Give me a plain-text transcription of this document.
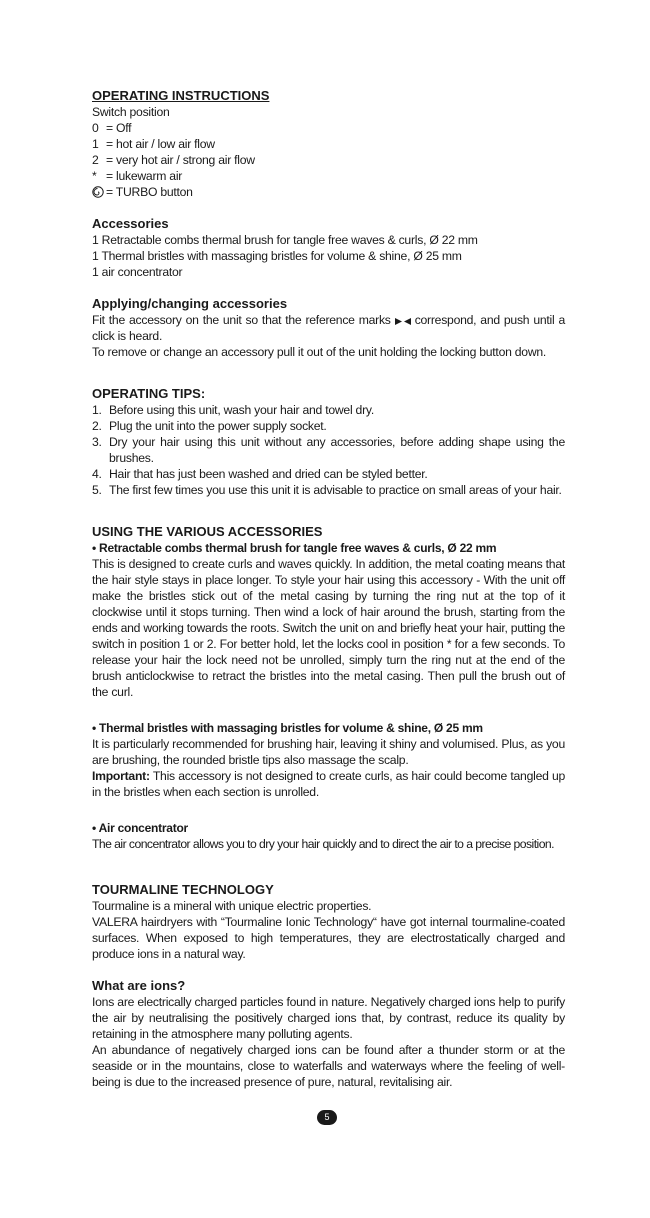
OPERATING INSTRUCTIONS

Switch position

0 = Off
1 = hot air / low air flow
2 = very hot air / strong air flow
* = lukewarm air
= TURBO button

Accessories

1 Retractable combs thermal brush for tangle free waves & curls, Ø 22 mm

1 Thermal bristles with massaging bristles for volume & shine, Ø 25 mm

1 air concentrator

Applying/changing accessories

Fit the accessory on the unit so that the reference marks correspond, and push until a click is heard.

To remove or change an accessory pull it out of the unit holding the locking button down.

OPERATING TIPS:

1. Before using this unit, wash your hair and towel dry.
2. Plug the unit into the power supply socket.
3. Dry your hair using this unit without any accessories, before adding shape using the brushes.
4. Hair that has just been washed and dried can be styled better.
5. The first few times you use this unit it is advisable to practice on small areas of your hair.

USING THE VARIOUS ACCESSORIES

• Retractable combs thermal brush for tangle free waves & curls, Ø 22 mm

This is designed to create curls and waves quickly. In addition, the metal coating means that the hair style stays in place longer. To style your hair using this accessory - With the unit off make the bristles stick out of the metal casing by turning the ring nut at the top of it clockwise until it stops turning. Then wind a lock of hair around the brush, starting from the ends and working towards the roots. Switch the unit on and briefly heat your hair, putting the switch in position 1 or 2. For better hold, let the locks cool in position * for a few seconds. To release your hair the lock need not be unrolled, simply turn the ring nut at the end of the brush anticlockwise to retract the bristles into the metal casing. Then pull the brush out of the curl.

• Thermal bristles with massaging bristles for volume & shine, Ø 25 mm

It is particularly recommended for brushing hair, leaving it shiny and volumised. Plus, as you are brushing, the rounded bristle tips also massage the scalp.

Important: This accessory is not designed to create curls, as hair could become tangled up in the bristles when each section is unrolled.

• Air concentrator

The air concentrator allows you to dry your hair quickly and to direct the air to a precise position.

TOURMALINE TECHNOLOGY

Tourmaline is a mineral with unique electric properties.

VALERA hairdryers with “Tourmaline Ionic Technology“ have got internal tourmaline-coated surfaces. When exposed to high temperatures, they are electrostatically charged and produce ions in a natural way.

What are ions?

Ions are electrically charged particles found in nature. Negatively charged ions help to purify the air by neutralising the positively charged ions that, by contrast, reduce its quality by retaining in the atmosphere many polluting agents.

An abundance of negatively charged ions can be found after a thunder storm or at the seaside or in the mountains, close to waterfalls and waterways where the feeling of well-being is due to the increased presence of pure, natural, revitalising air.

5
